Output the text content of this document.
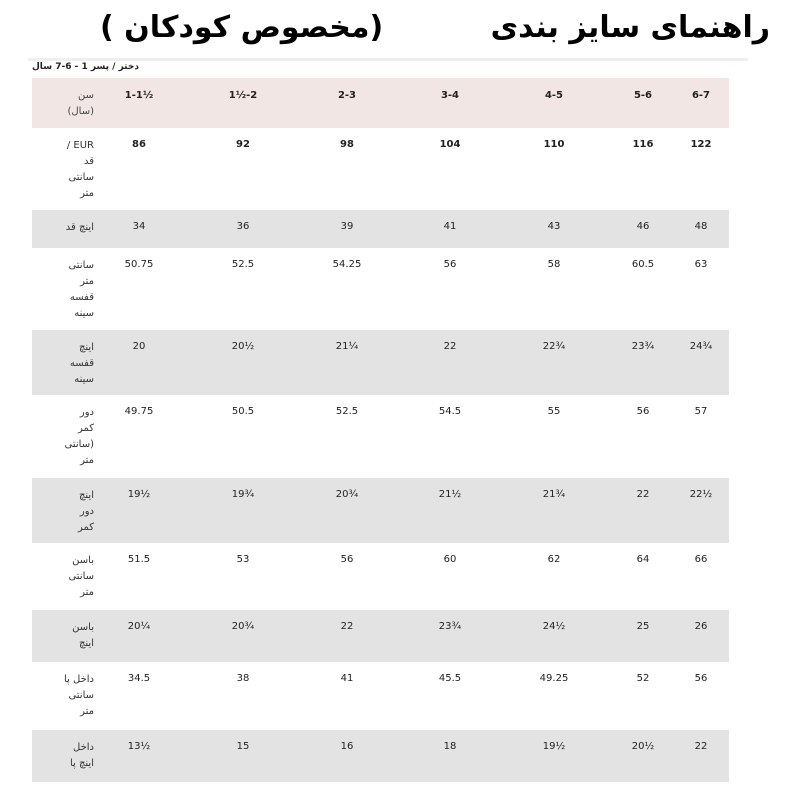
راهنمای سایز بندی
(مخصوص کودکان )
دختر / پسر 1 - 6-7 سال
سن
(سال)
1-1½	1½-2	2-3	3-4	4-5	5-6	6-7
EUR /
قد
سانتی
متر
86	92	98	104	110	116	122
اینچ قد	34	36	39	41	43	46	48
سانتی
متر
قفسه
سینه
50.75	52.5	54.25	56	58	60.5	63
اینچ
قفسه
سینه
20	20½	21¼	22	22¾	23¾	24¾
دور
کمر
(سانتی
متر
49.75	50.5	52.5	54.5	55	56	57
اینچ
دور
کمر
19½	19¾	20¾	21½	21¾	22	22½
باسن
سانتی
متر
51.5	53	56	60	62	64	66
باسن
اینچ
20¼	20¾	22	23¾	24½	25	26
داخل پا
سانتی
متر
34.5	38	41	45.5	49.25	52	56
داخل
اینچ پا
13½	15	16	18	19½	20½	22
